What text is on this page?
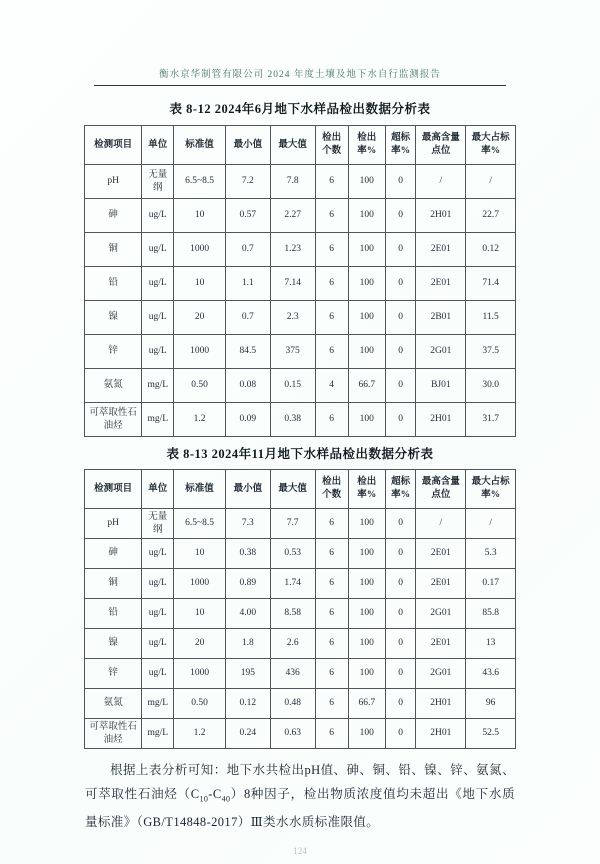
衡水京华制管有限公司 2024 年度土壤及地下水自行监测报告
表 8-12 2024年6月地下水样品检出数据分析表
检测项目	单位	标准值	最小值	最大值	检出个数	检出率%	超标率%	最高含量点位	最大占标率%
pH	无量纲	6.5~8.5	7.2	7.8	6	100	0	/	/
砷	ug/L	10	0.57	2.27	6	100	0	2H01	22.7
铜	ug/L	1000	0.7	1.23	6	100	0	2E01	0.12
铅	ug/L	10	1.1	7.14	6	100	0	2E01	71.4
镍	ug/L	20	0.7	2.3	6	100	0	2B01	11.5
锌	ug/L	1000	84.5	375	6	100	0	2G01	37.5
氨氮	mg/L	0.50	0.08	0.15	4	66.7	0	BJ01	30.0
可萃取性石油烃	mg/L	1.2	0.09	0.38	6	100	0	2H01	31.7
表 8-13 2024年11月地下水样品检出数据分析表
检测项目	单位	标准值	最小值	最大值	检出个数	检出率%	超标率%	最高含量点位	最大占标率%
pH	无量纲	6.5~8.5	7.3	7.7	6	100	0	/	/
砷	ug/L	10	0.38	0.53	6	100	0	2E01	5.3
铜	ug/L	1000	0.89	1.74	6	100	0	2E01	0.17
铅	ug/L	10	4.00	8.58	6	100	0	2G01	85.8
镍	ug/L	20	1.8	2.6	6	100	0	2E01	13
锌	ug/L	1000	195	436	6	100	0	2G01	43.6
氨氮	mg/L	0.50	0.12	0.48	6	66.7	0	2H01	96
可萃取性石油烃	mg/L	1.2	0.24	0.63	6	100	0	2H01	52.5
根据上表分析可知：地下水共检出pH值、砷、铜、铅、镍、锌、氨氮、可萃取性石油烃$(C_{10}-C_{40})8$种因子，检出物质浓度值均未超出《地下水质量标准》（GB/T14848-2017）Ⅲ类水水质标准限值。
124
